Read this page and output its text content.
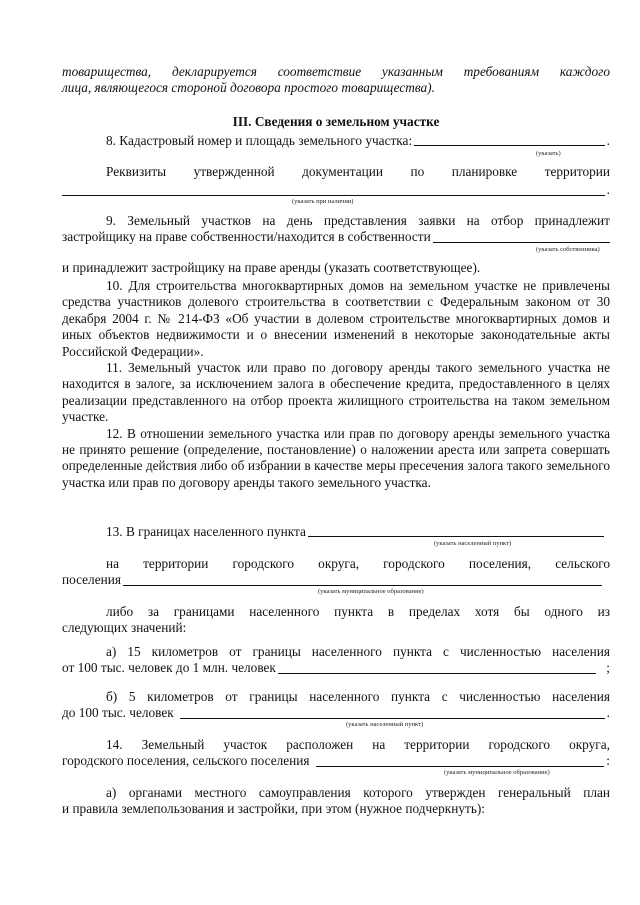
товарищества, декларируется соответствие указанным требованиям каждого

лица, являющегося стороной договора простого товарищества).

III. Сведения о земельном участке

8. Кадастровый номер и площадь земельного участка:	.
(указать)

Реквизиты утвержденной документации по планировке территории

.
(указать при наличии)

9. Земельный участков на день представления заявки на отбор принадлежит

застройщику на праве собственности/находится в собственности
(указать собственника)

и принадлежит застройщику на праве аренды (указать соответствующее).

10. Для строительства многоквартирных домов на земельном участке не привлечены средства участников долевого строительства в соответствии с Федеральным законом от 30 декабря 2004 г. № 214-ФЗ «Об участии в долевом строительстве многоквартирных домов и иных объектов недвижимости и о внесении изменений в некоторые законодательные акты Российской Федерации».

11. Земельный участок или право по договору аренды такого земельного участка не находится в залоге, за исключением залога в обеспечение кредита, предоставленного в целях реализации представленного на отбор проекта жилищного строительства на таком земельном участке.

12. В отношении земельного участка или прав по договору аренды земельного участка не принято решение (определение, постановление) о наложении ареста или запрета совершать определенные действия либо об избрании в качестве меры пресечения залога такого земельного участка или прав по договору аренды такого земельного участка.

13. В границах населенного пункта
(указать населенный пункт)

на территории городского округа, городского поселения, сельского

поселения
(указать муниципальное образование)

либо за границами населенного пункта в пределах хотя бы одного из

следующих значений:

а) 15 километров от границы населенного пункта с численностью населения

от 100 тыс. человек до 1 млн. человек	;

б) 5 километров от границы населенного пункта с численностью населения

до 100 тыс. человек	.
(указать населенный пункт)

14. Земельный участок расположен на территории городского округа,

городского поселения, сельского поселения	:
(указать муниципальное образование)

а) органами местного самоуправления которого утвержден генеральный план

и правила землепользования и застройки, при этом (нужное подчеркнуть):
